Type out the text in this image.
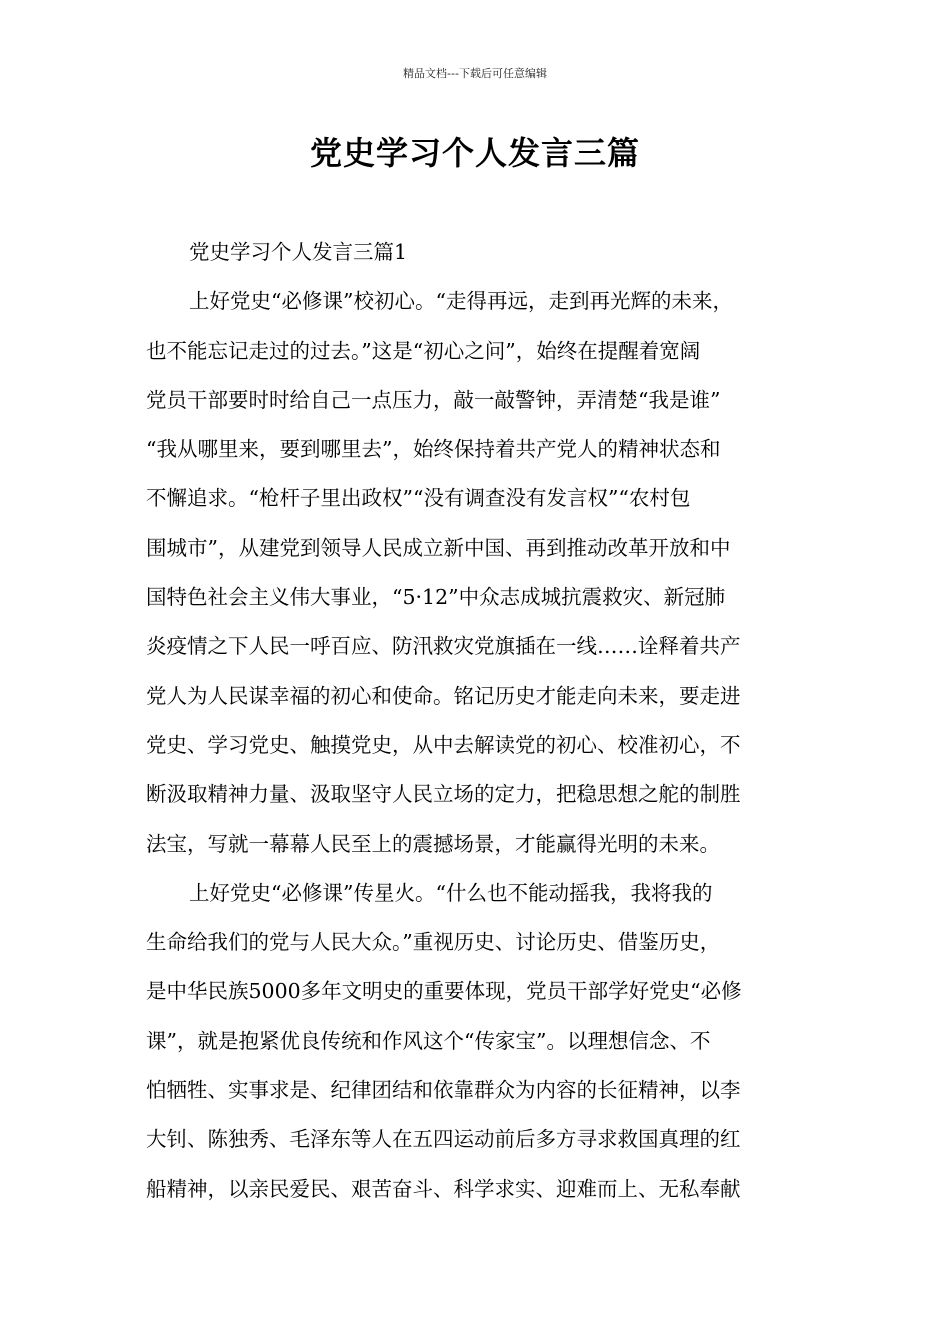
精品文档---下载后可任意编辑
党史学习个人发言三篇
党史学习个人发言三篇1
上好党史“必修课”校初心。“走得再远，走到再光辉的未来，
也不能忘记走过的过去。”这是“初心之问”，始终在提醒着宽阔
党员干部要时时给自己一点压力，敲一敲警钟，弄清楚“我是谁”
“我从哪里来，要到哪里去”，始终保持着共产党人的精神状态和
不懈追求。“枪杆子里出政权”“没有调查没有发言权”“农村包
围城市”，从建党到领导人民成立新中国、再到推动改革开放和中
国特色社会主义伟大事业，“5·12”中众志成城抗震救灾、新冠肺
炎疫情之下人民一呼百应、防汛救灾党旗插在一线……诠释着共产
党人为人民谋幸福的初心和使命。铭记历史才能走向未来，要走进
党史、学习党史、触摸党史，从中去解读党的初心、校准初心，不
断汲取精神力量、汲取坚守人民立场的定力，把稳思想之舵的制胜
法宝，写就一幕幕人民至上的震撼场景，才能赢得光明的未来。
上好党史“必修课”传星火。“什么也不能动摇我，我将我的
生命给我们的党与人民大众。”重视历史、讨论历史、借鉴历史，
是中华民族5000多年文明史的重要体现，党员干部学好党史“必修
课”，就是抱紧优良传统和作风这个“传家宝”。以理想信念、不
怕牺牲、实事求是、纪律团结和依靠群众为内容的长征精神，以李
大钊、陈独秀、毛泽东等人在五四运动前后多方寻求救国真理的红
船精神，以亲民爱民、艰苦奋斗、科学求实、迎难而上、无私奉献
